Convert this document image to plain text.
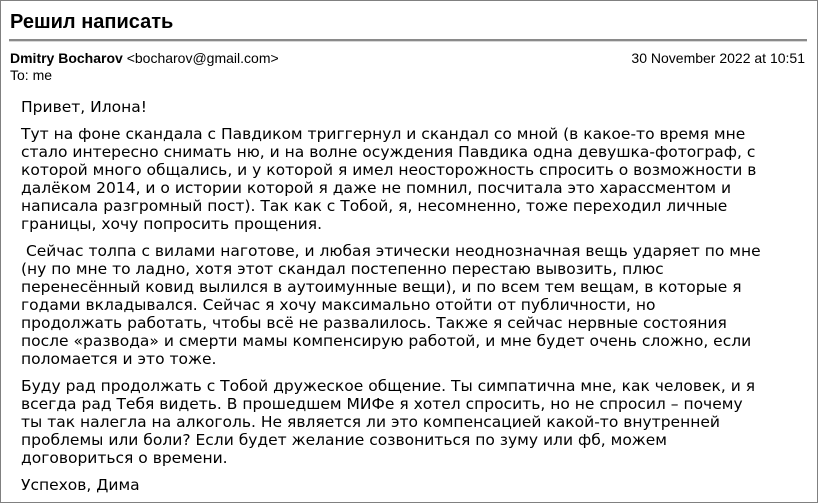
Решил написать
Dmitry Bocharov <bocharov@gmail.com>	30 November 2022 at 10:51
To: me

Привет, Илона!

Тут на фоне скандала с Павдиком триггернул и скандал со мной (в какое-то время мне
стало интересно снимать ню, и на волне осуждения Павдика одна девушка-фотограф, с
которой много общались, и у которой я имел неосторожность спросить о возможности в
далёком 2014, и о истории которой я даже не помнил, посчитала это харассментом и
написала разгромный пост). Так как с Тобой, я, несомненно, тоже переходил личные
границы, хочу попросить прощения.

Сейчас толпа с вилами наготове, и любая этически неоднозначная вещь ударяет по мне
(ну по мне то ладно, хотя этот скандал постепенно перестаю вывозить, плюс
перенесённый ковид вылился в аутоимунные вещи), и по всем тем вещам, в которые я
годами вкладывался. Сейчас я хочу максимально отойти от публичности, но
продолжать работать, чтобы всё не развалилось. Также я сейчас нервные состояния
после «развода» и смерти мамы компенсирую работой, и мне будет очень сложно, если
поломается и это тоже.

Буду рад продолжать с Тобой дружеское общение. Ты симпатична мне, как человек, и я
всегда рад Тебя видеть. В прошедшем МИФе я хотел спросить, но не спросил – почему
ты так налегла на алкоголь. Не является ли это компенсацией какой-то внутренней
проблемы или боли? Если будет желание созвониться по зуму или фб, можем
договориться о времени.

Успехов, Дима
